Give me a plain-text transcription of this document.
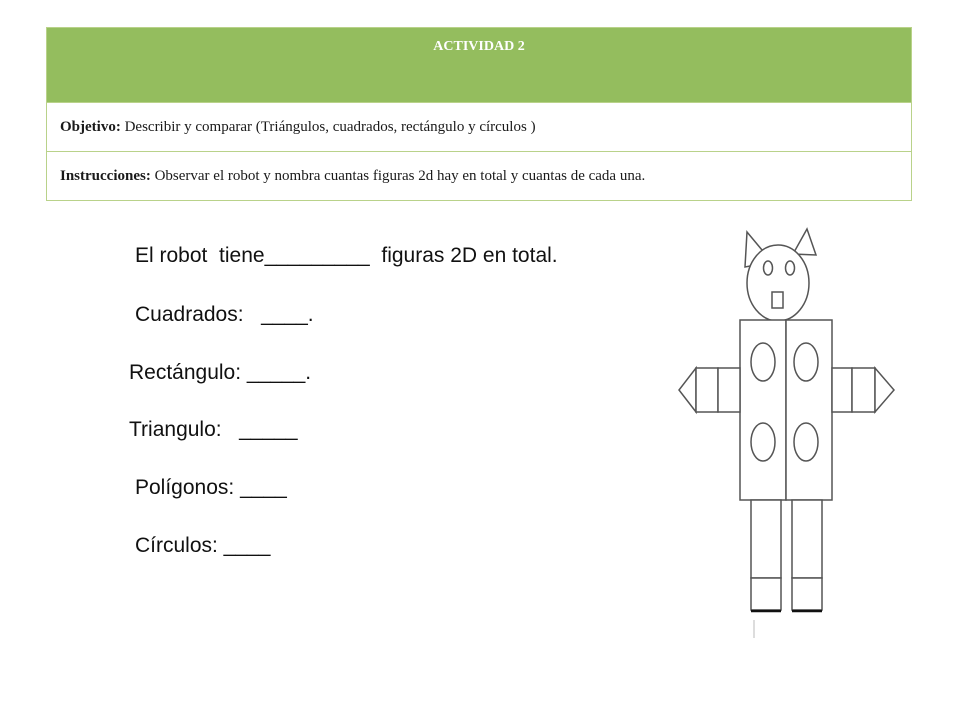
ACTIVIDAD 2
Objetivo: Describir y comparar (Triángulos, cuadrados, rectángulo y círculos )
Instrucciones: Observar el robot y nombra cuantas figuras 2d hay en total y cuantas de cada una.

El robot  tiene_________  figuras 2D en total.

Cuadrados:   ____.

Rectángulo: _____.

Triangulo:   _____

Polígonos: ____

Círculos: ____
